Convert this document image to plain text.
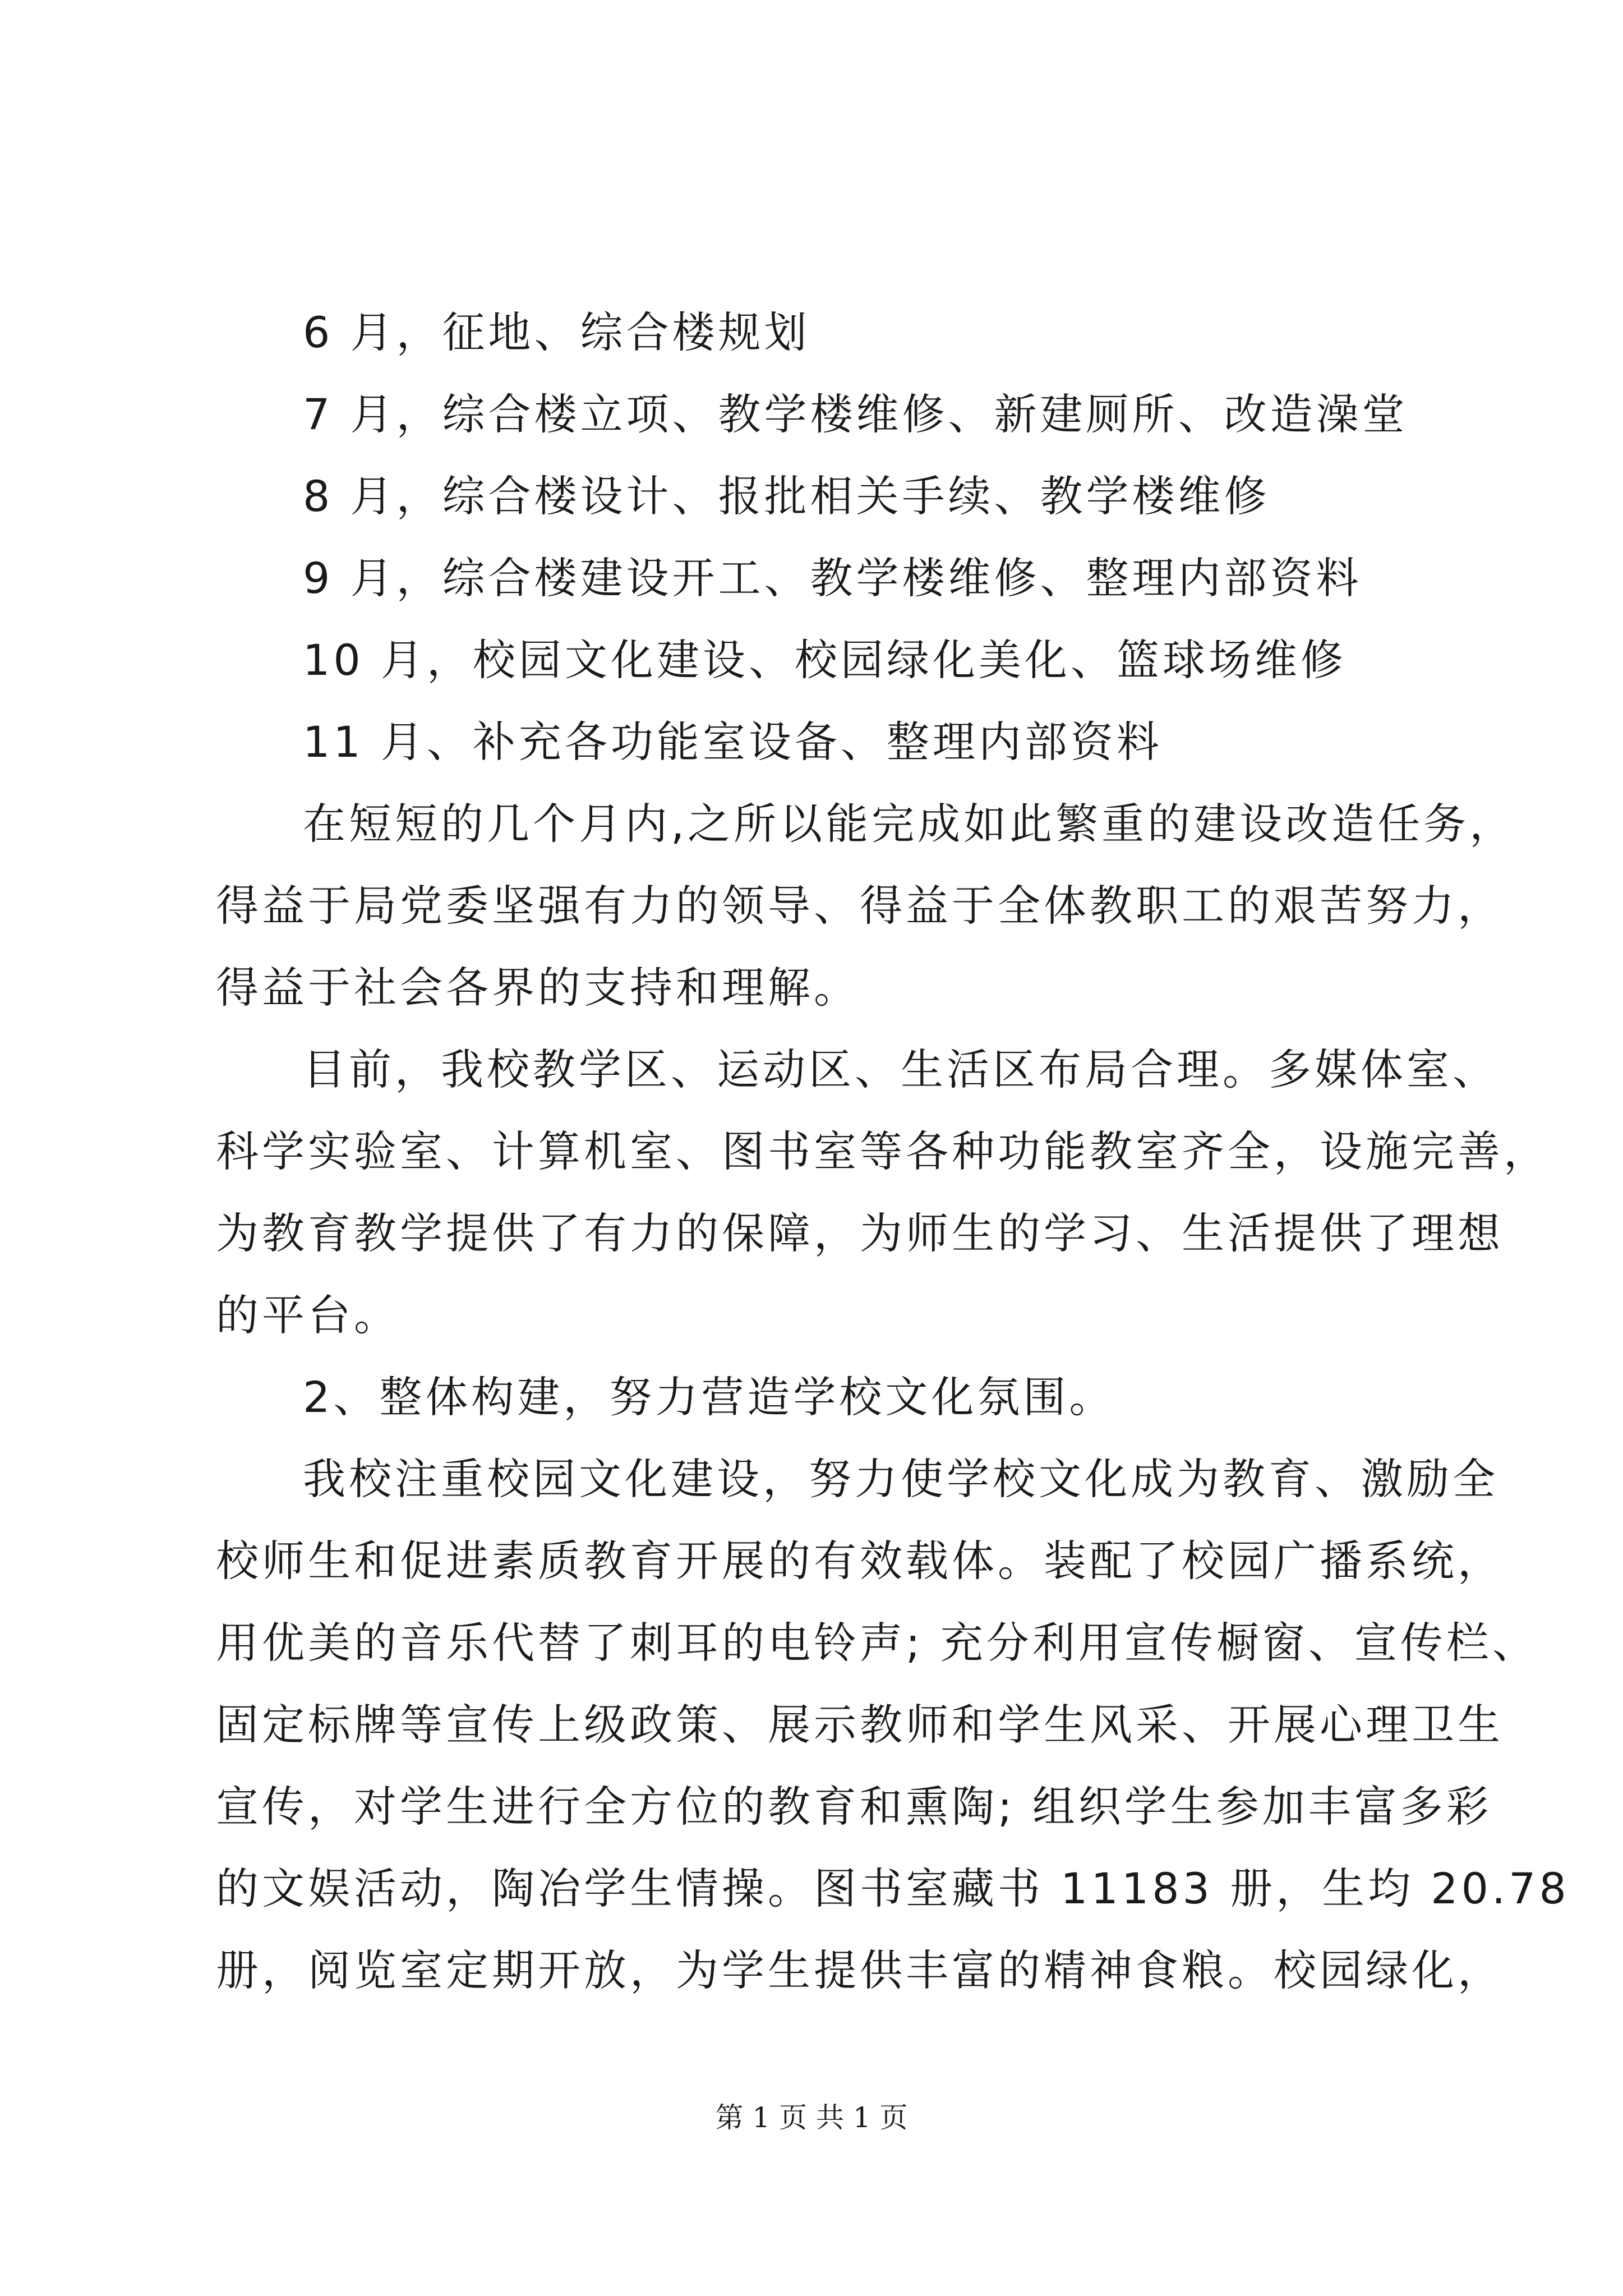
6 月，征地、综合楼规划

7 月，综合楼立项、教学楼维修、新建厕所、改造澡堂

8 月，综合楼设计、报批相关手续、教学楼维修

9 月，综合楼建设开工、教学楼维修、整理内部资料

10 月，校园文化建设、校园绿化美化、篮球场维修

11 月、补充各功能室设备、整理内部资料

在短短的几个月内,之所以能完成如此繁重的建设改造任务，

得益于局党委坚强有力的领导、得益于全体教职工的艰苦努力，

得益于社会各界的支持和理解。

目前，我校教学区、运动区、生活区布局合理。多媒体室、

科学实验室、计算机室、图书室等各种功能教室齐全，设施完善，

为教育教学提供了有力的保障，为师生的学习、生活提供了理想

的平台。

2、整体构建，努力营造学校文化氛围。

我校注重校园文化建设，努力使学校文化成为教育、激励全

校师生和促进素质教育开展的有效载体。装配了校园广播系统，

用优美的音乐代替了刺耳的电铃声; 充分利用宣传橱窗、宣传栏、

固定标牌等宣传上级政策、展示教师和学生风采、开展心理卫生

宣传，对学生进行全方位的教育和熏陶; 组织学生参加丰富多彩

的文娱活动，陶冶学生情操。图书室藏书 11183 册，生均 20.78

册，阅览室定期开放，为学生提供丰富的精神食粮。校园绿化，

第 1 页 共 1 页
